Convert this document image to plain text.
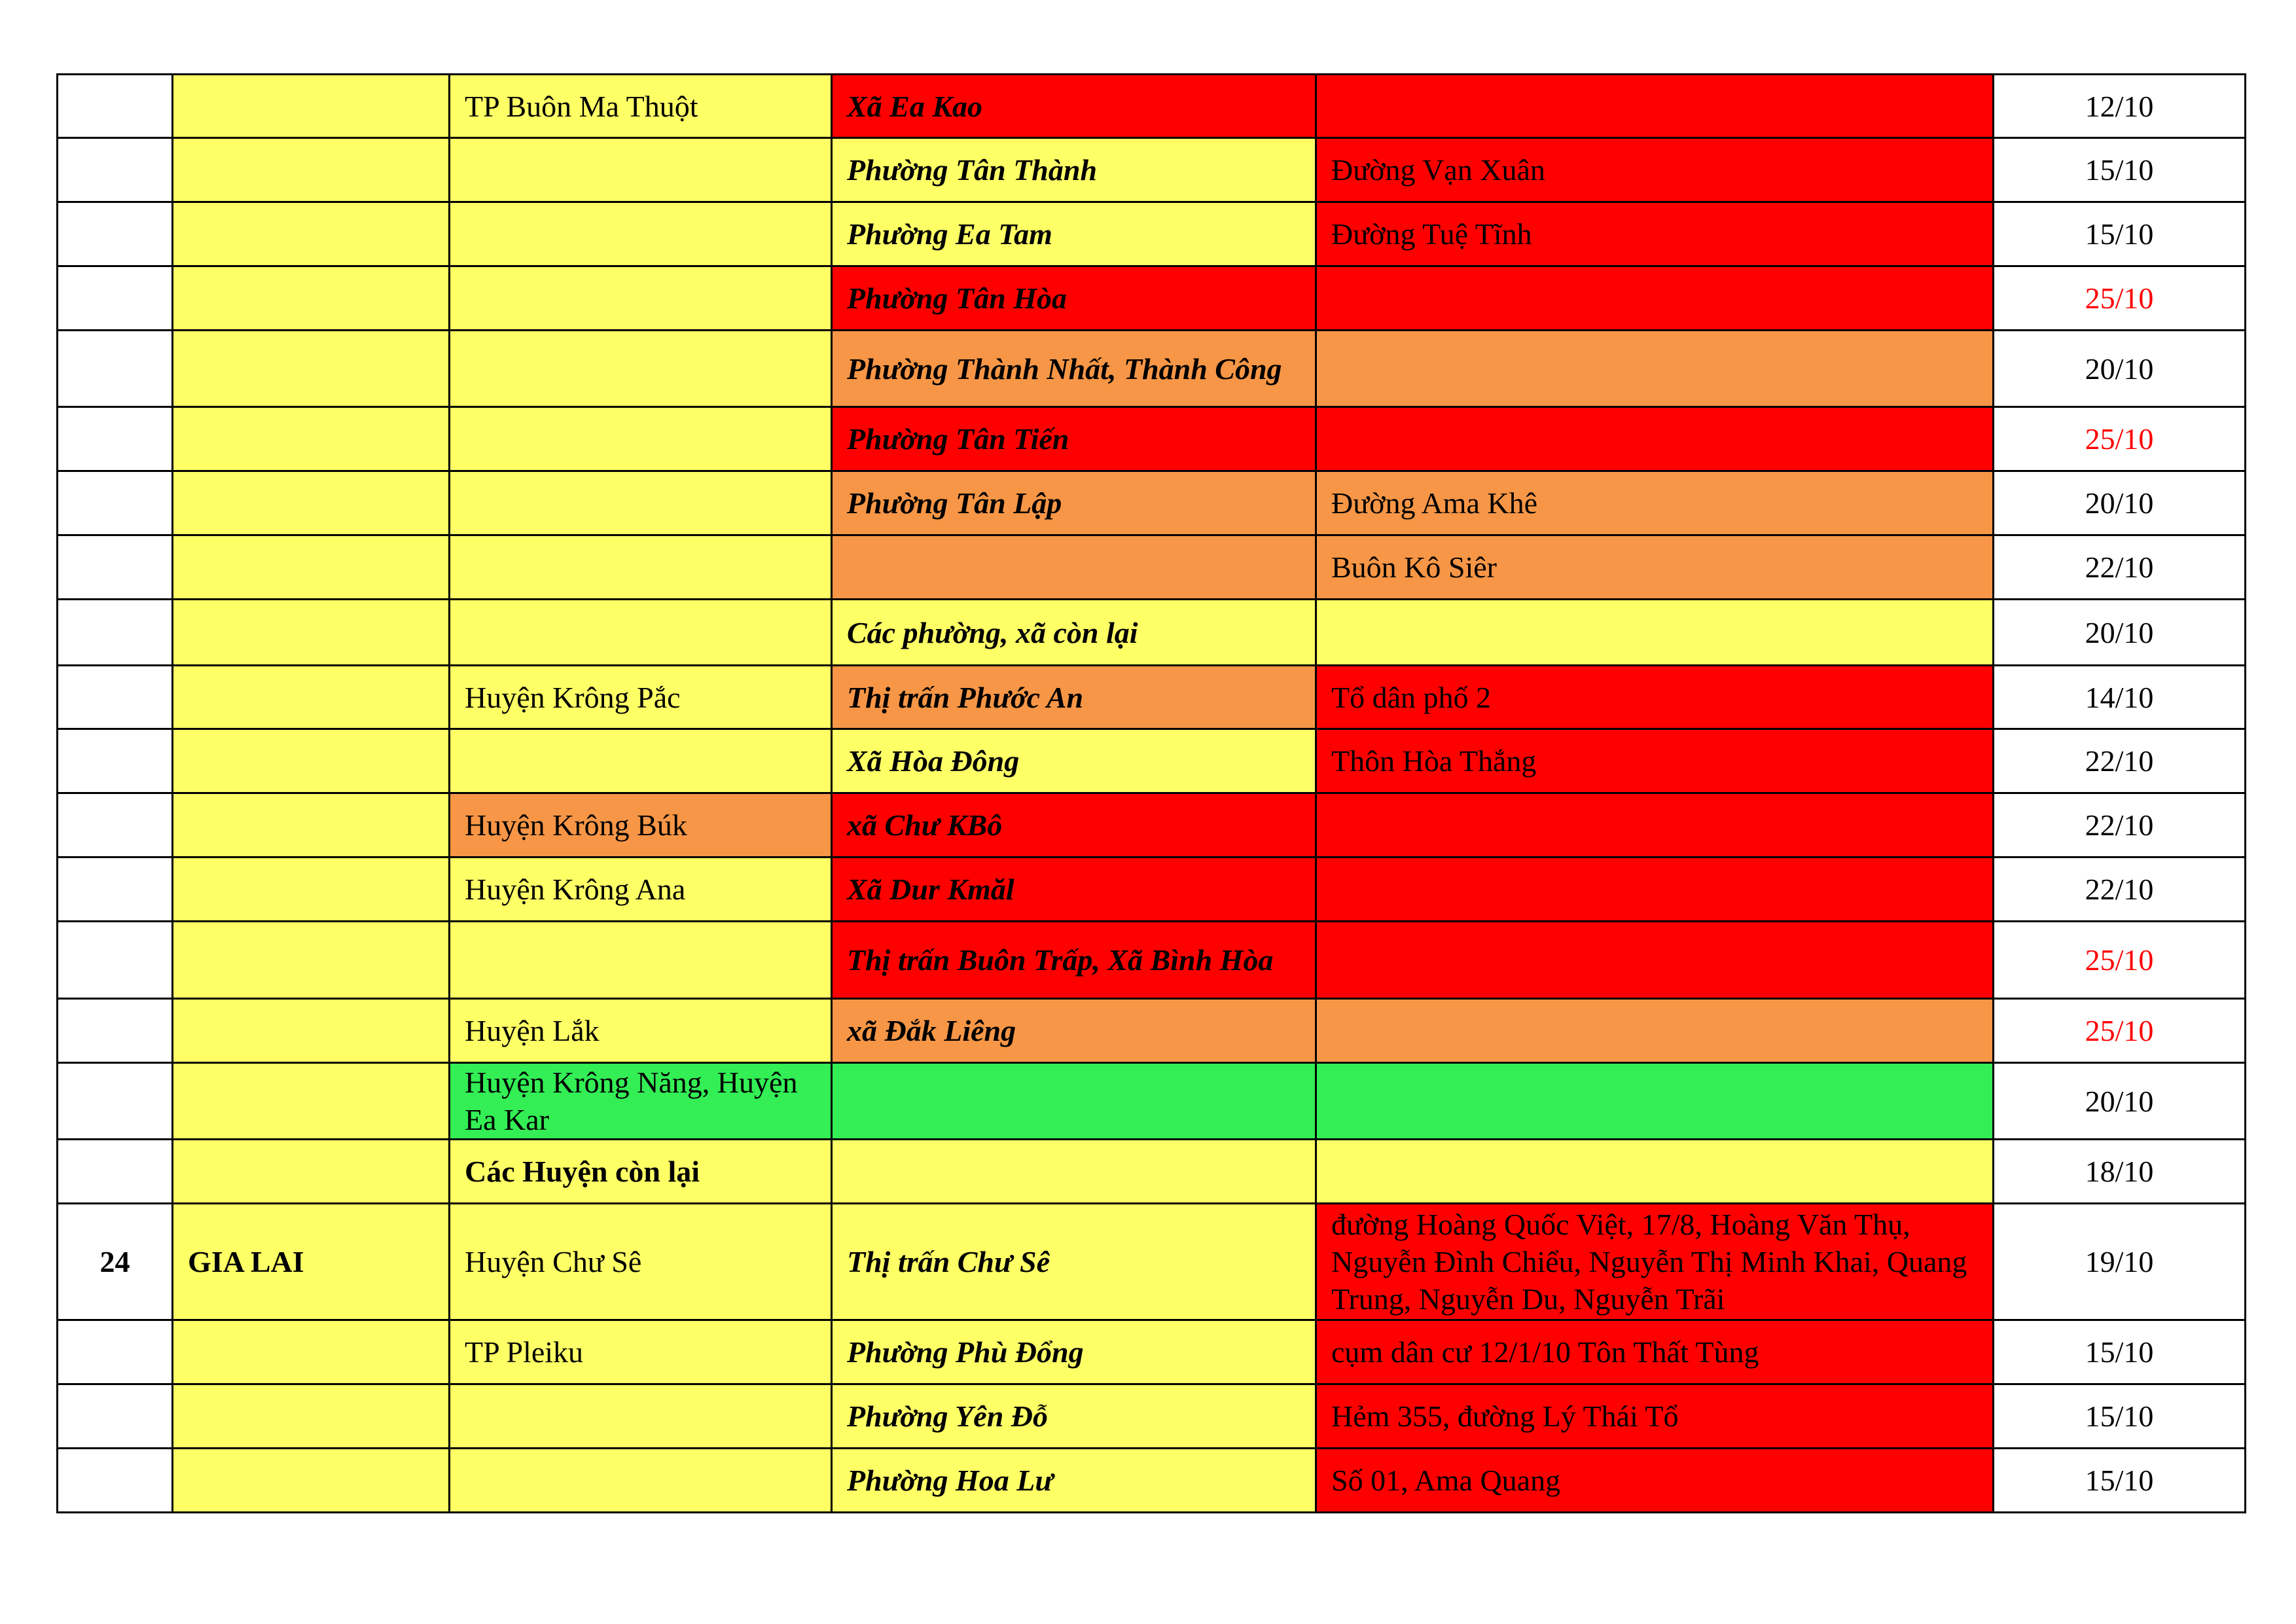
		TP Buôn Ma Thuột	Xã Ea Kao		12/10
			Phường Tân Thành	Đường Vạn Xuân	15/10
			Phường Ea Tam	Đường Tuệ Tĩnh	15/10
			Phường Tân Hòa		25/10
			Phường Thành Nhất, Thành Công		20/10
			Phường Tân Tiến		25/10
			Phường Tân Lập	Đường Ama Khê	20/10
				Buôn Kô Siêr	22/10
			Các phường, xã còn lại		20/10
		Huyện Krông Pắc	Thị trấn Phước An	Tổ dân phố 2	14/10
			Xã Hòa Đông	Thôn Hòa Thắng	22/10
		Huyện Krông Búk	xã Chư KBô		22/10
		Huyện Krông Ana	Xã Dur Kmăl		22/10
			Thị trấn Buôn Trấp, Xã Bình Hòa		25/10
		Huyện Lắk	xã Đắk Liêng		25/10
		Huyện Krông Năng, Huyện Ea Kar			20/10
		Các Huyện còn lại			18/10
24	GIA LAI	Huyện Chư Sê	Thị trấn Chư Sê	đường Hoàng Quốc Việt, 17/8, Hoàng Văn Thụ, Nguyễn Đình Chiểu, Nguyễn Thị Minh Khai, Quang Trung, Nguyễn Du, Nguyễn Trãi	19/10
		TP Pleiku	Phường Phù Đổng	cụm dân cư 12/1/10 Tôn Thất Tùng	15/10
			Phường Yên Đỗ	Hẻm 355, đường Lý Thái Tổ	15/10
			Phường Hoa Lư	Số 01, Ama Quang	15/10
